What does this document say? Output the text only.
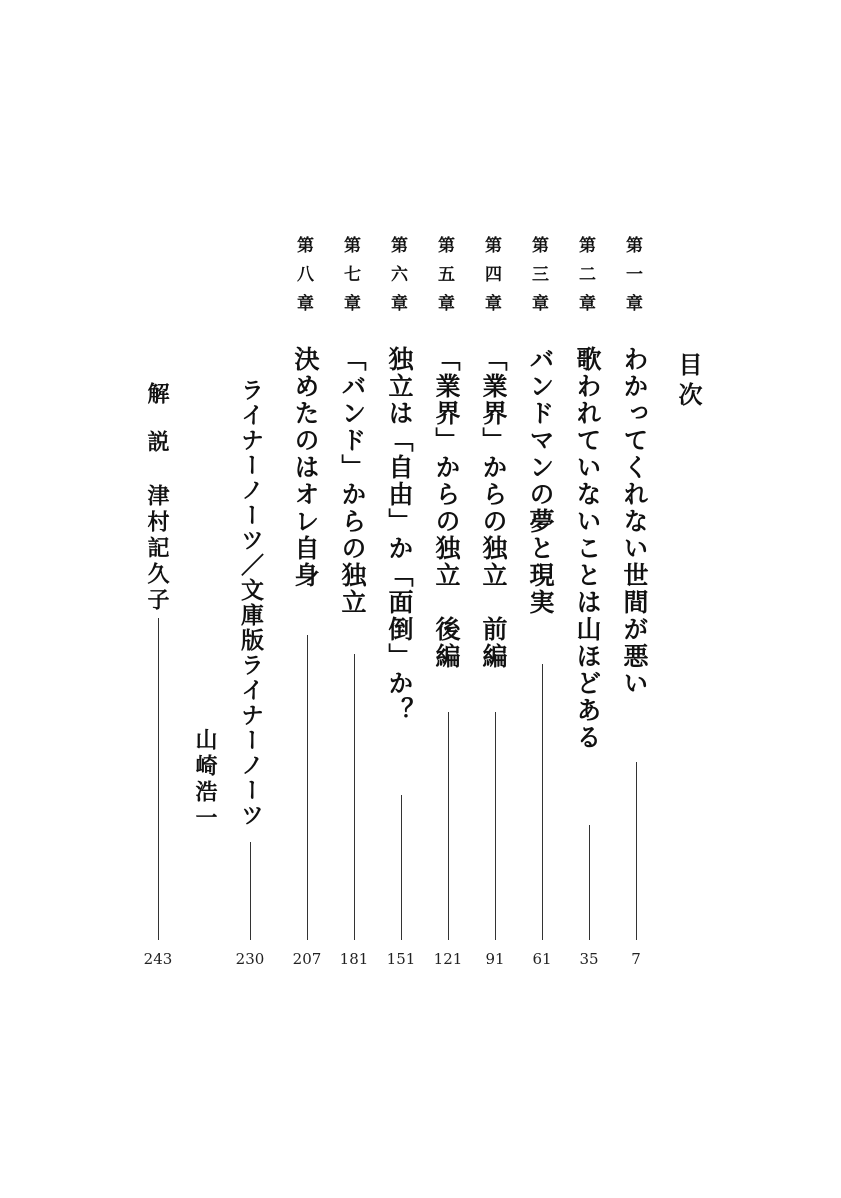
目次
第一章
わかってくれない世間が悪い
7
第二章
歌われていないことは山ほどある
35
第三章
バンドマンの夢と現実
61
第四章
「業界」からの独立　前編
91
第五章
「業界」からの独立　後編
121
第六章
独立は「自由」か「面倒」か？
151
第七章
「バンド」からの独立
181
第八章
決めたのはオレ自身
207
ライナーノーツ／文庫版ライナーノーツ
山崎浩一
230
解　説
津村記久子
243
